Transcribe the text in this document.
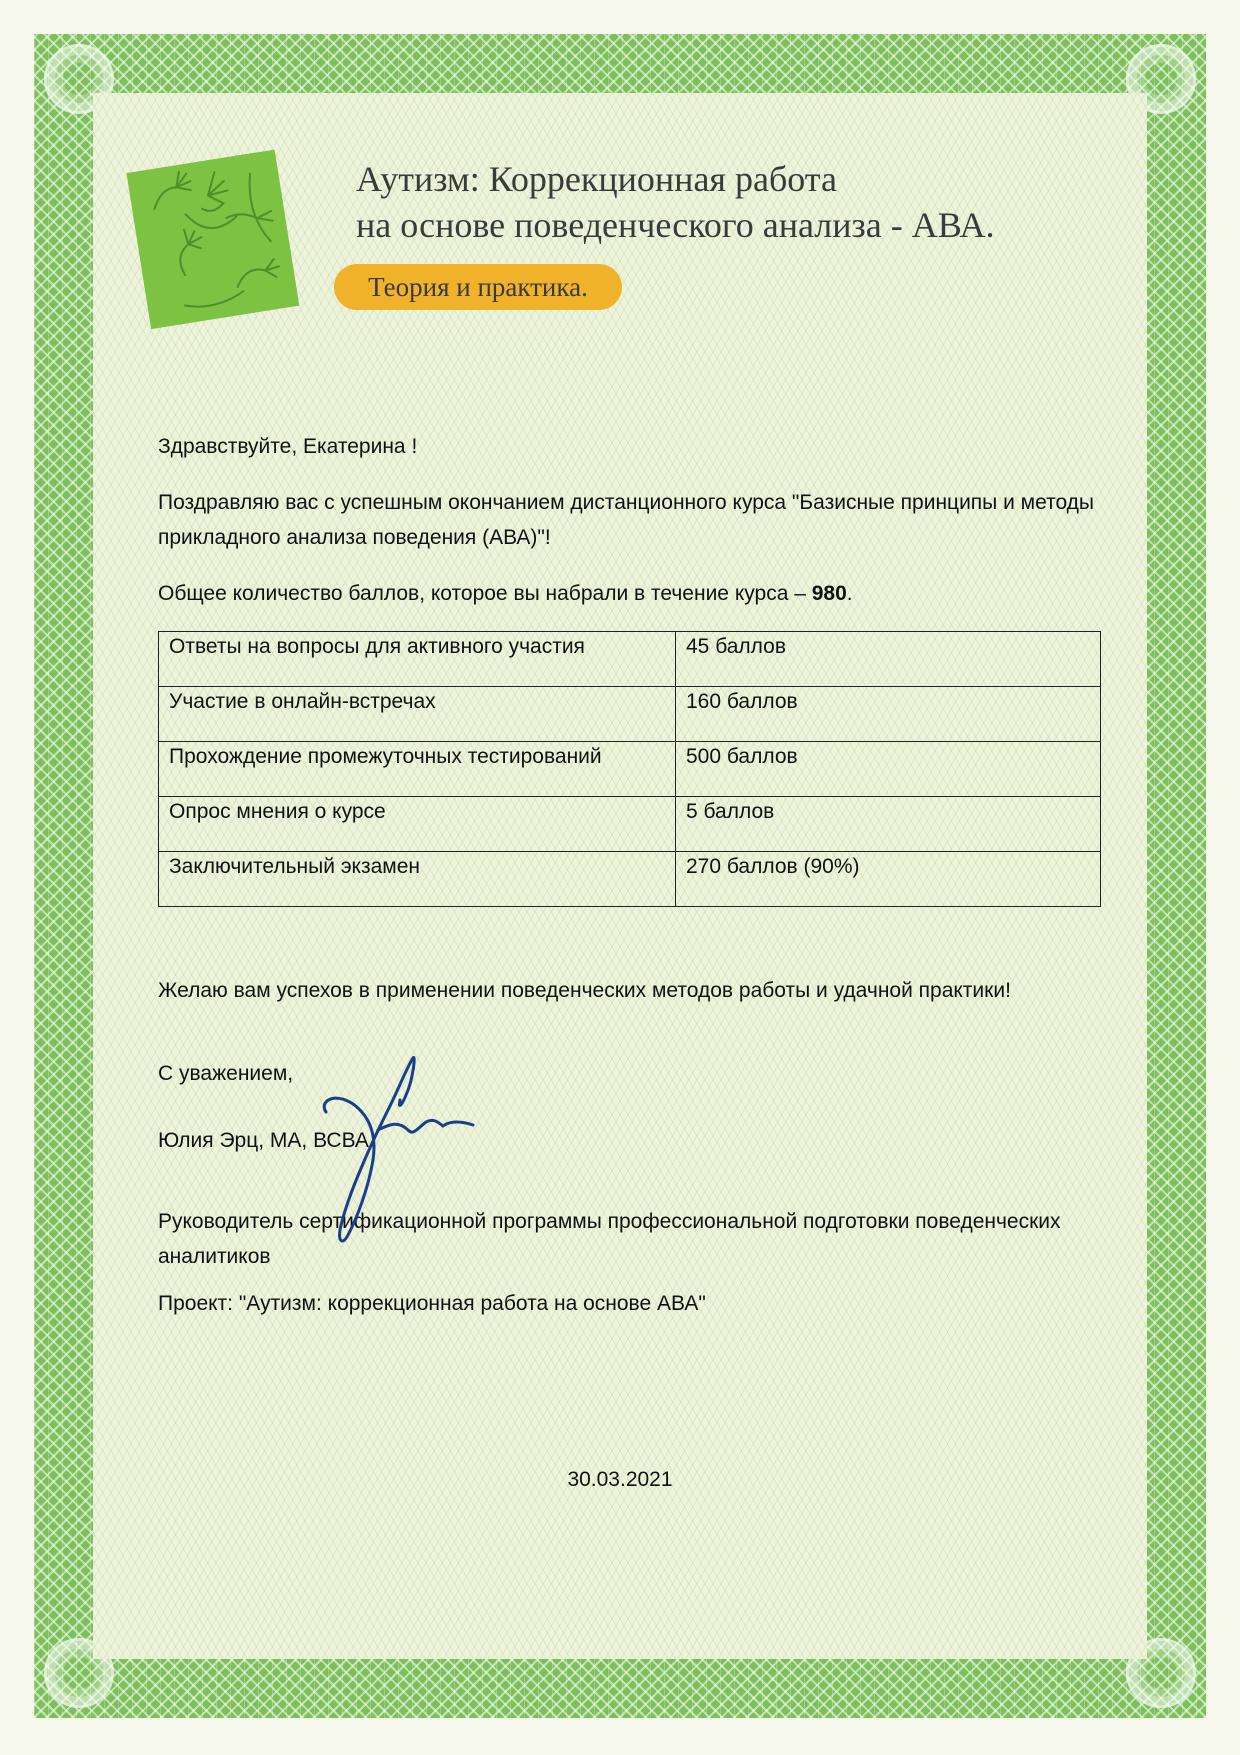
Аутизм: Коррекционная работа
на основе поведенческого анализа - АВА.
Теория и практика.

Здравствуйте, Екатерина !

Поздравляю вас с успешным окончанием дистанционного курса "Базисные принципы и методы прикладного анализа поведения (АВА)"!

Общее количество баллов, которое вы набрали в течение курса – 980.

Ответы на вопросы для активного участия	45 баллов
Участие в онлайн-встречах	160 баллов
Прохождение промежуточных тестирований	500 баллов
Опрос мнения о курсе	5 баллов
Заключительный экзамен	270 баллов (90%)

Желаю вам успехов в применении поведенческих методов работы и удачной практики!

С уважением,

Юлия Эрц, МА, ВСВА

Руководитель сертификационной программы профессиональной подготовки поведенческих аналитиков

Проект: "Аутизм: коррекционная работа на основе АВА"

30.03.2021
